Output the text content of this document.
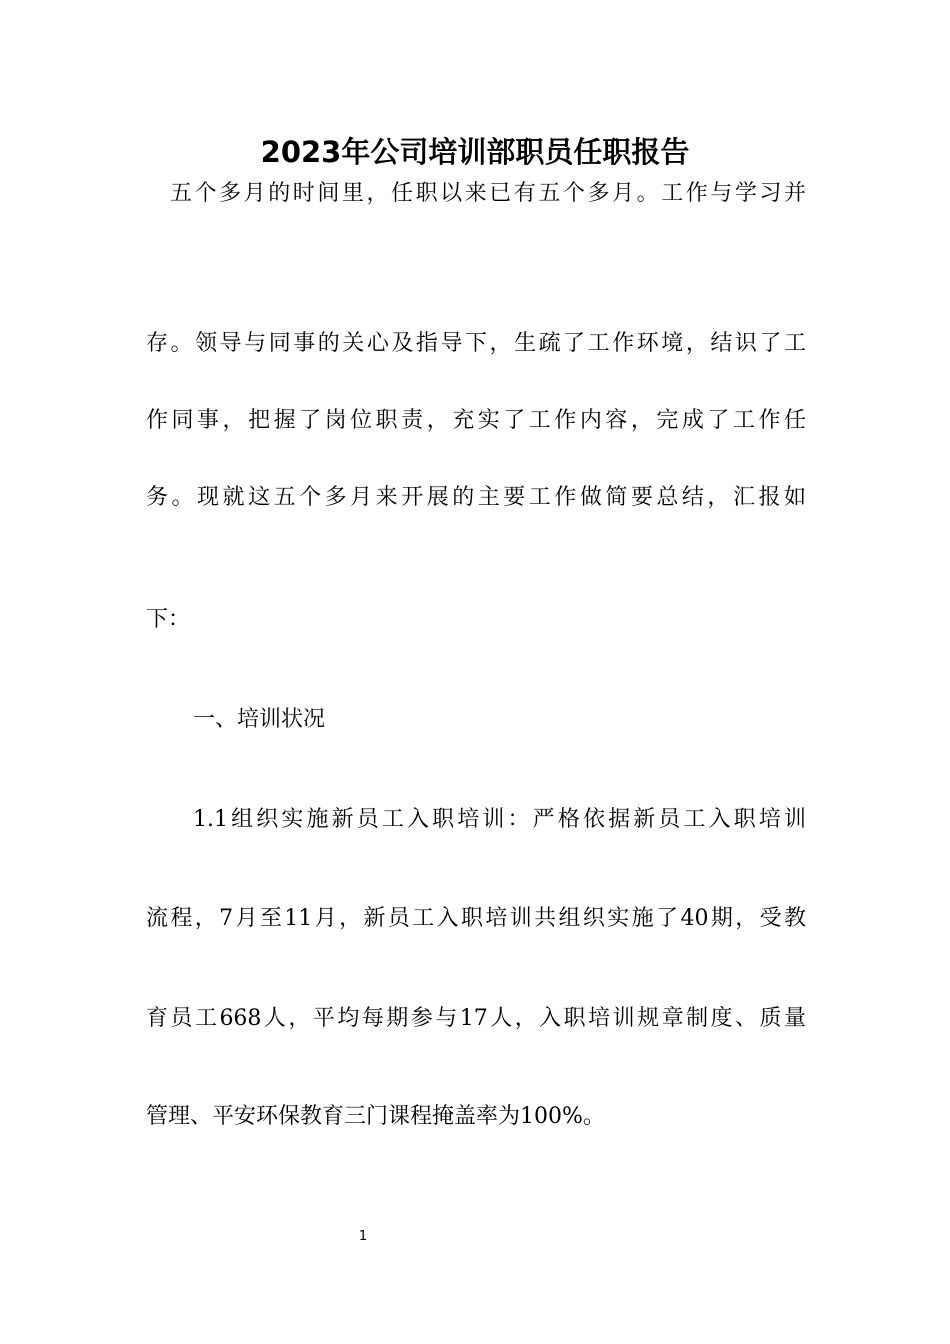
2023年公司培训部职员任职报告
五个多月的时间里，任职以来已有五个多月。工作与学习并
存。领导与同事的关心及指导下，生疏了工作环境，结识了工
作同事，把握了岗位职责，充实了工作内容，完成了工作任
务。现就这五个多月来开展的主要工作做简要总结，汇报如
下：
一、培训状况
1.1组织实施新员工入职培训：严格依据新员工入职培训
流程，7月至11月，新员工入职培训共组织实施了40期，受教
育员工668人，平均每期参与17人，入职培训规章制度、质量
管理、平安环保教育三门课程掩盖率为100%。
1
